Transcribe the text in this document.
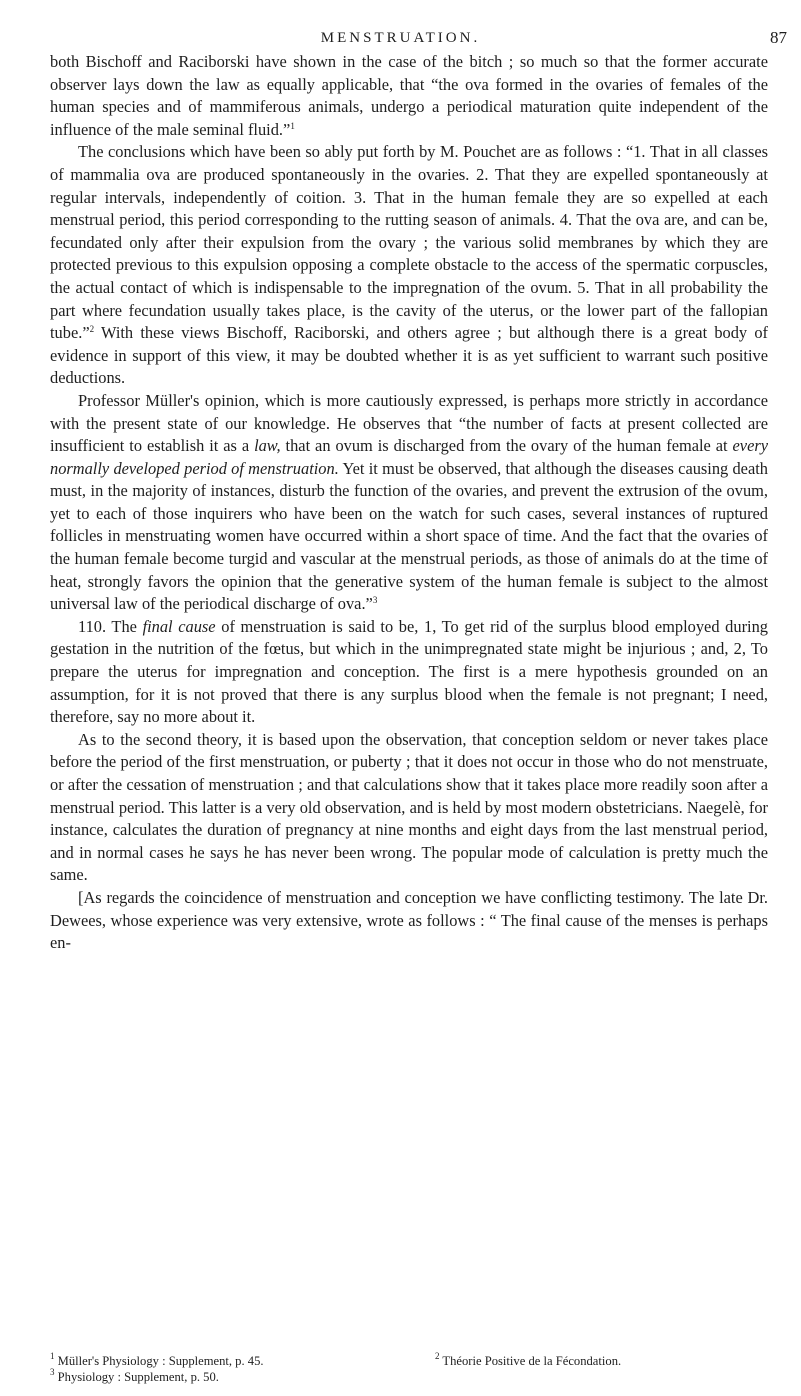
MENSTRUATION.	87

both Bischoff and Raciborski have shown in the case of the bitch ; so much so that the former accurate observer lays down the law as equally applicable, that “the ova formed in the ovaries of females of the human species and of mammiferous animals, undergo a periodical maturation quite independent of the influence of the male seminal fluid.”$^1$

The conclusions which have been so ably put forth by M. Pouchet are as follows : “1. That in all classes of mammalia ova are produced spontaneously in the ovaries. 2. That they are expelled spontaneously at regular intervals, independently of coition. 3. That in the human female they are so expelled at each menstrual period, this period corresponding to the rutting season of animals. 4. That the ova are, and can be, fecundated only after their expulsion from the ovary ; the various solid membranes by which they are protected previous to this expulsion opposing a complete obstacle to the access of the spermatic corpuscles, the actual contact of which is indispensable to the impregnation of the ovum. 5. That in all probability the part where fecundation usually takes place, is the cavity of the uterus, or the lower part of the fallopian tube.”$^2$ With these views Bischoff, Raciborski, and others agree ; but although there is a great body of evidence in support of this view, it may be doubted whether it is as yet sufficient to warrant such positive deductions.

Professor Müller's opinion, which is more cautiously expressed, is perhaps more strictly in accordance with the present state of our knowledge. He observes that “the number of facts at present collected are insufficient to establish it as a law, that an ovum is discharged from the ovary of the human female at every normally developed period of menstruation. Yet it must be observed, that although the diseases causing death must, in the majority of instances, disturb the function of the ovaries, and prevent the extrusion of the ovum, yet to each of those inquirers who have been on the watch for such cases, several instances of ruptured follicles in menstruating women have occurred within a short space of time. And the fact that the ovaries of the human female become turgid and vascular at the menstrual periods, as those of animals do at the time of heat, strongly favors the opinion that the generative system of the human female is subject to the almost universal law of the periodical discharge of ova.”$^3$

110. The final cause of menstruation is said to be, 1, To get rid of the surplus blood employed during gestation in the nutrition of the fœtus, but which in the unimpregnated state might be injurious ; and, 2, To prepare the uterus for impregnation and conception. The first is a mere hypothesis grounded on an assumption, for it is not proved that there is any surplus blood when the female is not pregnant; I need, therefore, say no more about it.

As to the second theory, it is based upon the observation, that conception seldom or never takes place before the period of the first menstruation, or puberty ; that it does not occur in those who do not menstruate, or after the cessation of menstruation ; and that calculations show that it takes place more readily soon after a menstrual period. This latter is a very old observation, and is held by most modern obstetricians. Naegelè, for instance, calculates the duration of pregnancy at nine months and eight days from the last menstrual period, and in normal cases he says he has never been wrong. The popular mode of calculation is pretty much the same.

[As regards the coincidence of menstruation and conception we have conflicting testimony. The late Dr. Dewees, whose experience was very extensive, wrote as follows : “ The final cause of the menses is perhaps en-

$^1$ Müller's Physiology : Supplement, p. 45.	$^2$ Théorie Positive de la Fécondation.
$^3$ Physiology : Supplement, p. 50.
